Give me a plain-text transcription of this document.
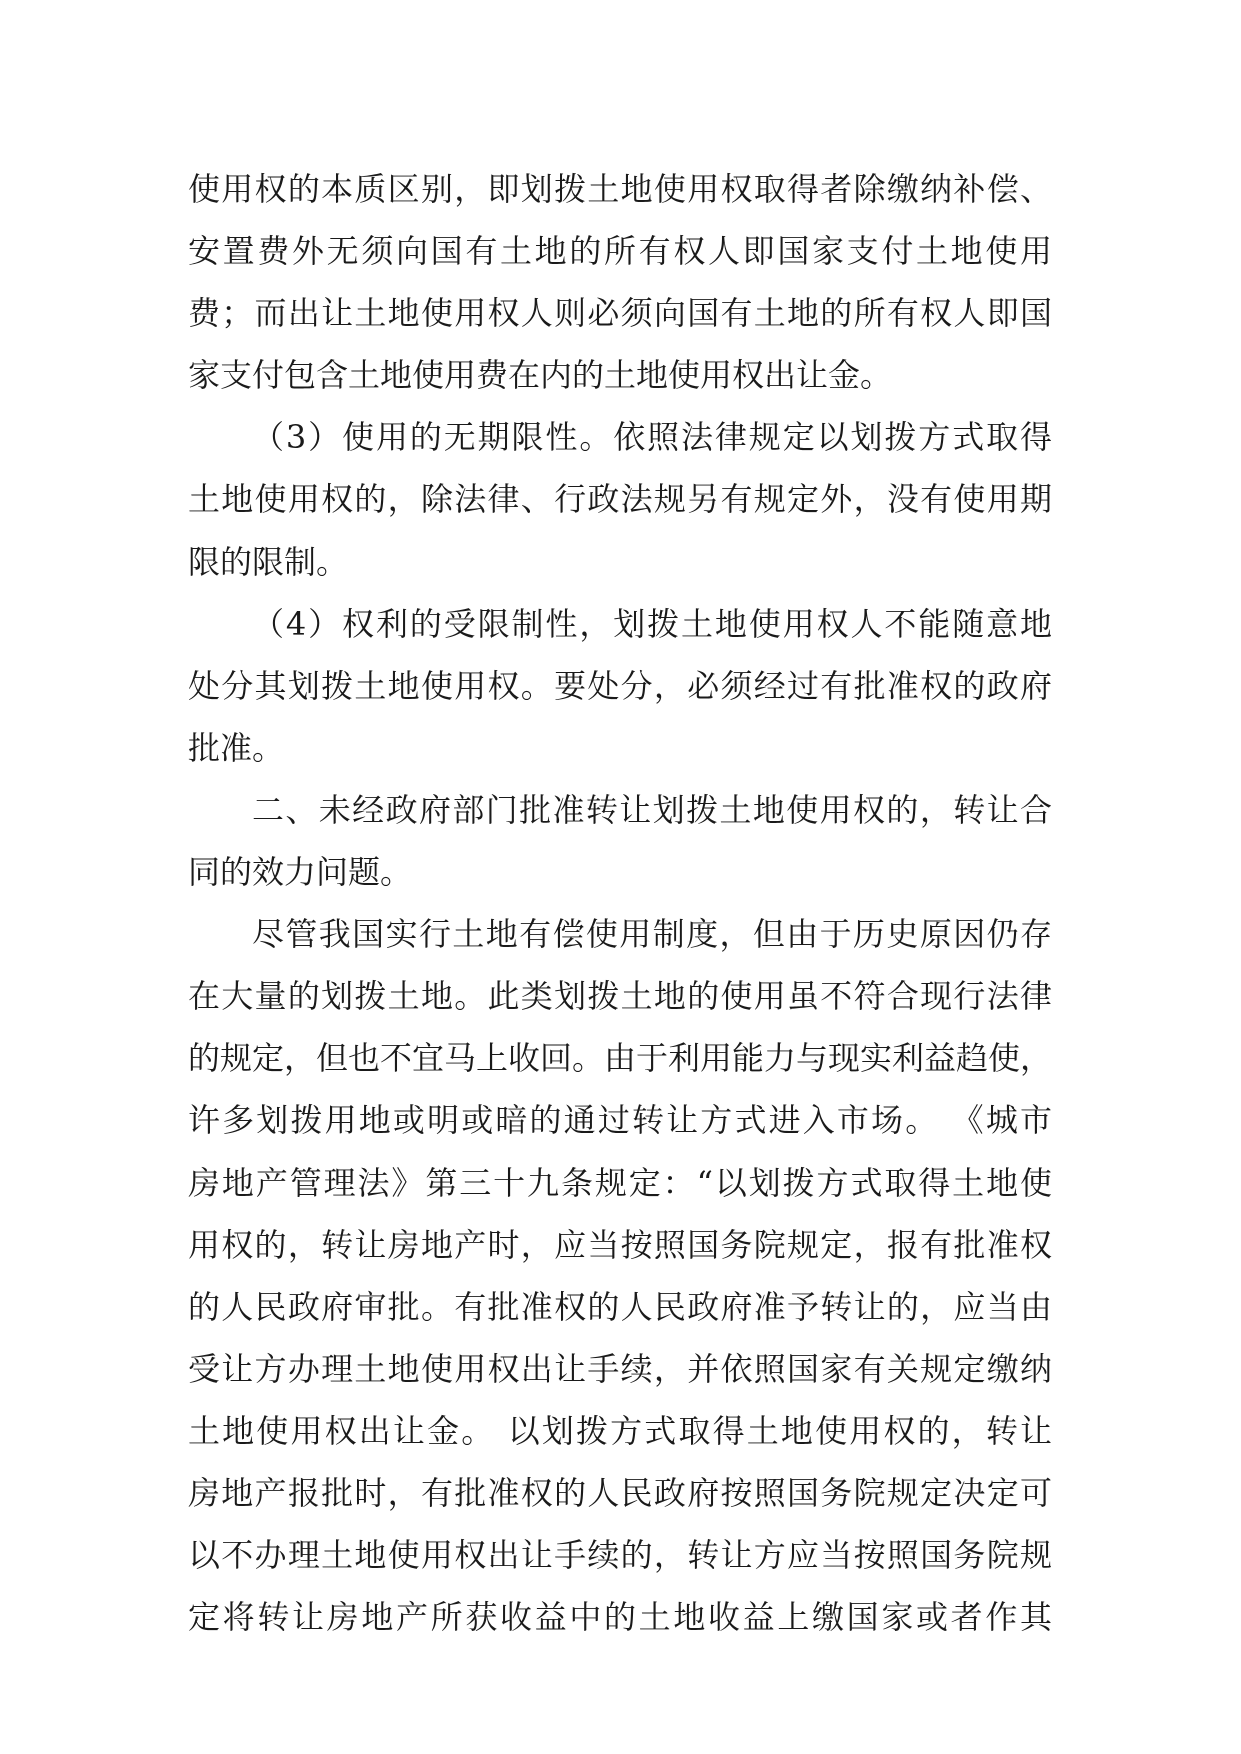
使用权的本质区别，即划拨土地使用权取得者除缴纳补偿、
安置费外无须向国有土地的所有权人即国家支付土地使用
费；而出让土地使用权人则必须向国有土地的所有权人即国
家支付包含土地使用费在内的土地使用权出让金。
（3）使用的无期限性。依照法律规定以划拨方式取得
土地使用权的，除法律、行政法规另有规定外，没有使用期
限的限制。
（4）权利的受限制性，划拨土地使用权人不能随意地
处分其划拨土地使用权。要处分，必须经过有批准权的政府
批准。
二、未经政府部门批准转让划拨土地使用权的，转让合
同的效力问题。
尽管我国实行土地有偿使用制度，但由于历史原因仍存
在大量的划拨土地。此类划拨土地的使用虽不符合现行法律
的规定，但也不宜马上收回。由于利用能力与现实利益趋使，
许多划拨用地或明或暗的通过转让方式进入市场。 《城市
房地产管理法》第三十九条规定：“以划拨方式取得土地使
用权的，转让房地产时，应当按照国务院规定，报有批准权
的人民政府审批。有批准权的人民政府准予转让的，应当由
受让方办理土地使用权出让手续，并依照国家有关规定缴纳
土地使用权出让金。 以划拨方式取得土地使用权的，转让
房地产报批时，有批准权的人民政府按照国务院规定决定可
以不办理土地使用权出让手续的，转让方应当按照国务院规
定将转让房地产所获收益中的土地收益上缴国家或者作其
